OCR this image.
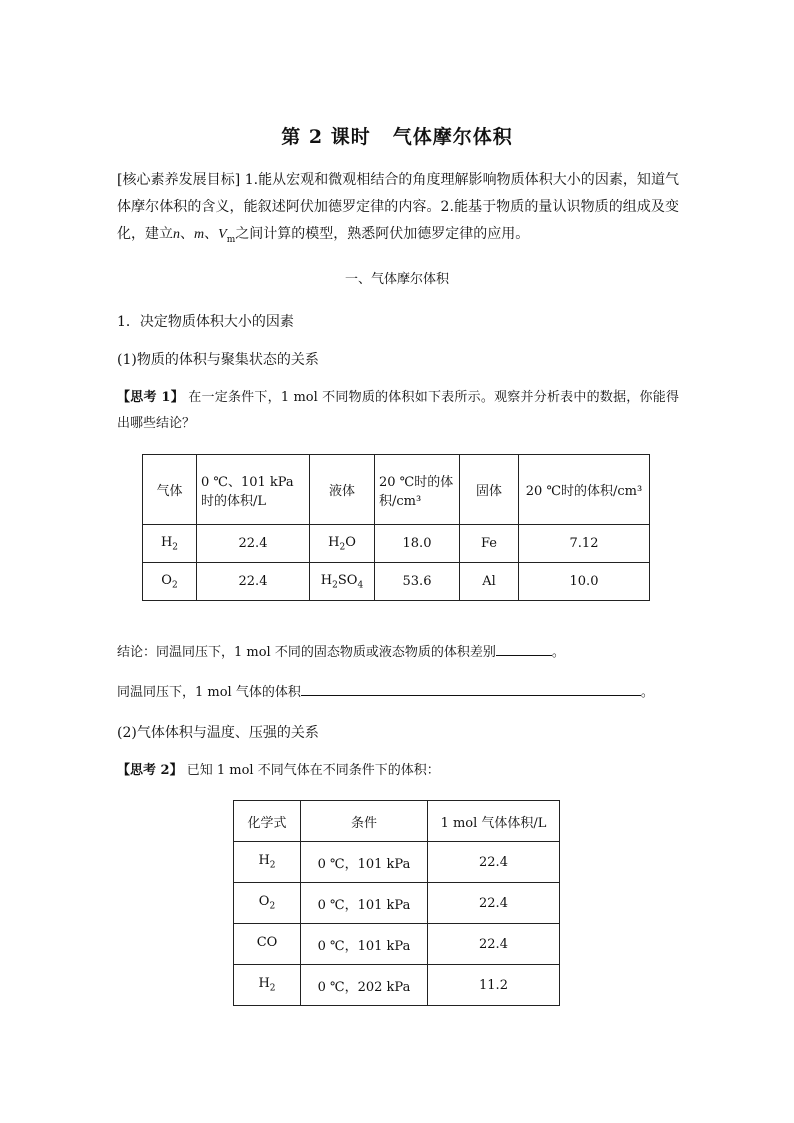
第 2 课时 气体摩尔体积
[核心素养发展目标] 1.能从宏观和微观相结合的角度理解影响物质体积大小的因素，知道气体摩尔体积的含义，能叙述阿伏加德罗定律的内容。2.能基于物质的量认识物质的组成及变化，建立n、m、$V_m$之间计算的模型，熟悉阿伏加德罗定律的应用。
一、气体摩尔体积
1．决定物质体积大小的因素
(1)物质的体积与聚集状态的关系
【思考 1】 在一定条件下，1 mol 不同物质的体积如下表所示。观察并分析表中的数据，你能得出哪些结论？
气体	0 ℃、101 kPa 时的体积/L	液体	20 ℃时的体积/cm³	固体	20 ℃时的体积/cm³
$H_2$	22.4	$H_2O$	18.0	Fe	7.12
$O_2$	22.4	$H_2SO_4$	53.6	Al	10.0
结论：同温同压下，1 mol 不同的固态物质或液态物质的体积差别	。
同温同压下，1 mol 气体的体积	。
(2)气体体积与温度、压强的关系
【思考 2】 已知 1 mol 不同气体在不同条件下的体积：
化学式	条件	1 mol 气体体积/L
$H_2$	0 ℃，101 kPa	22.4
$O_2$	0 ℃，101 kPa	22.4
CO	0 ℃，101 kPa	22.4
$H_2$	0 ℃，202 kPa	11.2
